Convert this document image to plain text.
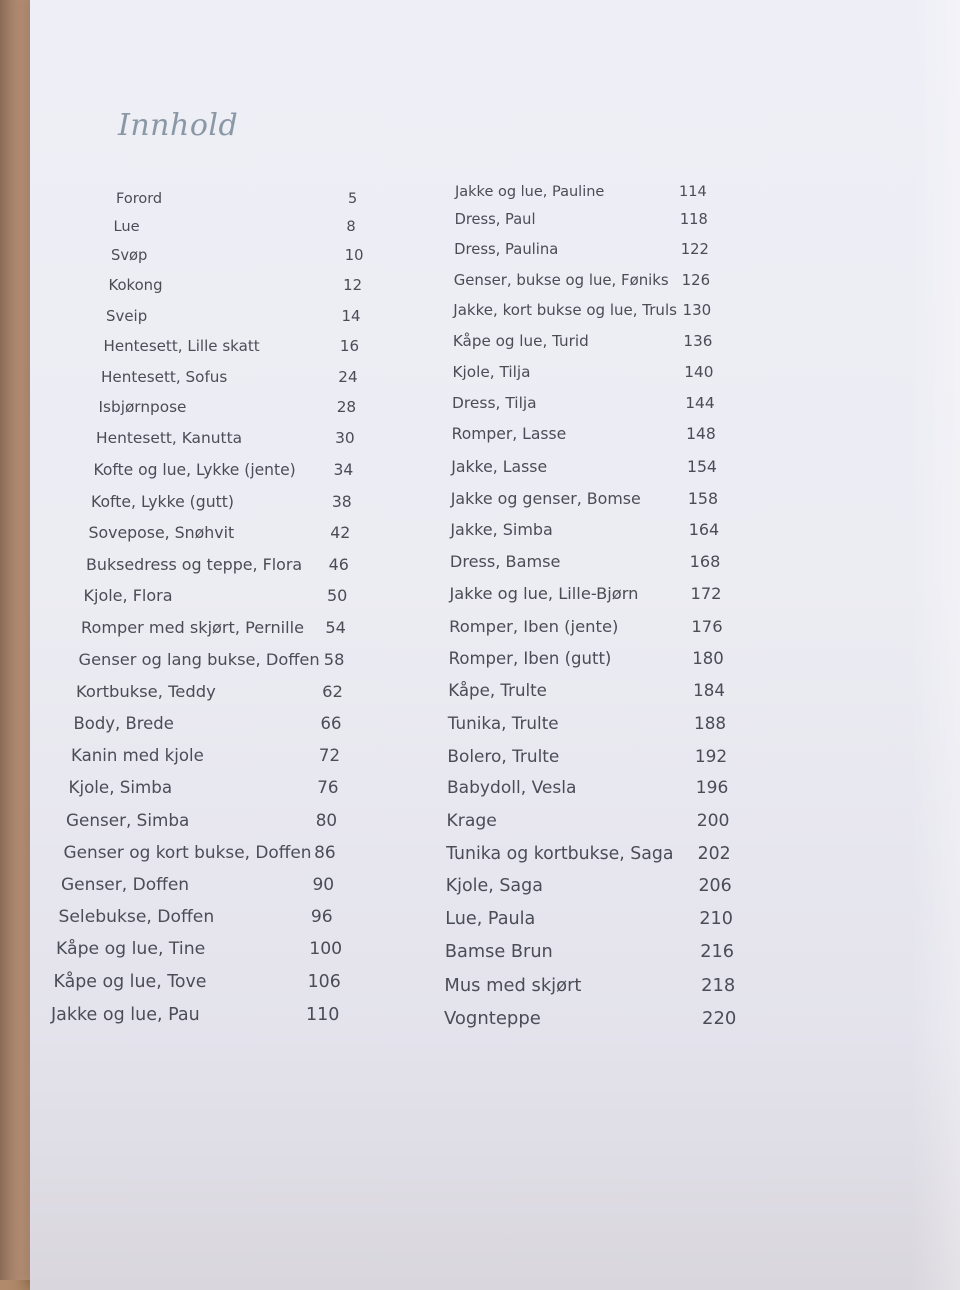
Innhold
Forord	5
Lue	8
Svøp	10
Kokong	12
Sveip	14
Hentesett, Lille skatt	16
Hentesett, Sofus	24
Isbjørnpose	28
Hentesett, Kanutta	30
Kofte og lue, Lykke (jente) 34
Kofte, Lykke (gutt)	38
Sovepose, Snøhvit	42
Buksedress og teppe, Flora 46
Kjole, Flora	50
Romper med skjørt, Pernille 54
Genser og lang bukse, Doffen 58
Kortbukse, Teddy	62
Body, Brede	66
Kanin med kjole	72
Kjole, Simba	76
Genser, Simba	80
Genser og kort bukse, Doffen 86
Genser, Doffen	90
Selebukse, Doffen	96
Kåpe og lue, Tine	100
Kåpe og lue, Tove	106
Jakke og lue, Pau	110
Jakke og lue, Pauline	114
Dress, Paul	118
Dress, Paulina	122
Genser, bukse og lue, Føniks 126
Jakke, kort bukse og lue, Truls 130
Kåpe og lue, Turid	136
Kjole, Tilja	140
Dress, Tilja	144
Romper, Lasse	148
Jakke, Lasse	154
Jakke og genser, Bomse	158
Jakke, Simba	164
Dress, Bamse	168
Jakke og lue, Lille-Bjørn	172
Romper, Iben (jente)	176
Romper, Iben (gutt)	180
Kåpe, Trulte	184
Tunika, Trulte	188
Bolero, Trulte	192
Babydoll, Vesla	196
Krage	200
Tunika og kortbukse, Saga 202
Kjole, Saga	206
Lue, Paula	210
Bamse Brun	216
Mus med skjørt	218
Vognteppe	220
